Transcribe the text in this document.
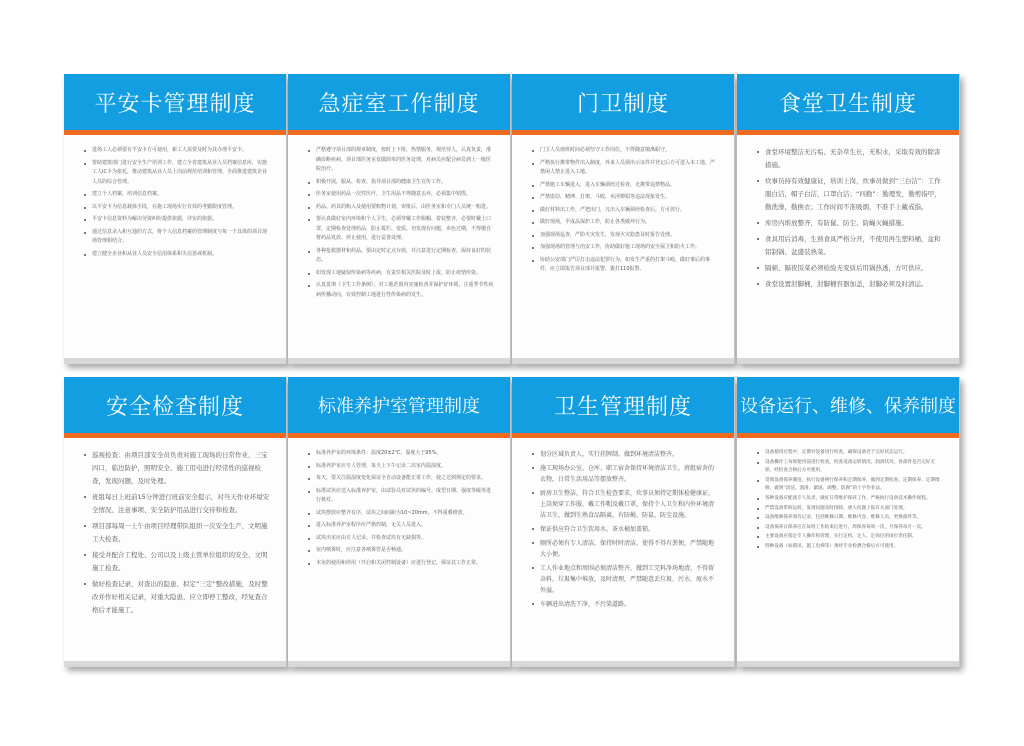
平安卡管理制度
进场工人必须要有平安卡方可使用，新工人需要及时为其办理平安卡。
帮助建筑部门进行安全生产培训工作，建立全省建筑从业人员档案信息库，实施工人IC卡为依托，推动建筑从业人员上岗前规范培训和管理，全面推进建筑企业人员的综合管理。
建立个人档案，培训信息档案。
以平安卡为信息载体手段，在施工现场实行有效的考勤限度管理。
平安卡信息资料为解决劳资纠纷提供依据，详实的依据。
通过信息录入和互通的方式，将个人信息档案的管理制度与每一个具体的项目现场管理相结合。
建立健全企业和从业人员安全信用体系和失信惩戒机制。
急症室工作制度
严格遵守项目部的规章制度，按时上下班，热情服务，规范待人，认真负责，准确诊断疾病，项目部医务室仅做简单的医务处理，对病员应配合病员到上一级医院治疗。
积极开展，服从、检查、指导项目部的健康卫生宣传工作。
医务室使用药品一次性医疗，卫生用品不得随意丢弃，必须集中销毁。
药品、药具的购入及使用要购物计划，审批后，由医务室和专门人员统一购进。
要认真做好室内环境和个人卫生，必须穿戴工作服帽、着装整齐，必要时戴上口罩，定期检查处理药品，防止霉烂、变质，勿发现有问题，卖色过期，不得擅自将药品发放、停止使用，进行妥善处理。
各种抢救器材和药品，要由定时定点存放，并注意进行定期检查，保持良好的状态。
如发现工地疑似传染病等疾病，有责任相关医院及时上报，防止疫情传染。
认真贯彻《卫生工作条例》，对工地范围内实施检查并保护好环境，注重季节性疾病传播动向，有效控制工地进行性传染病的发生。
门卫制度
门卫人员值班时间必须坚守工作岗位，不得随意擅离职守。
严格执行携带物件出入制度，外来人员须出示证件并登记后方可进入本工地，严禁闲人禁止进入工地。
严禁施工车辆进入，进入车辆须经过检查，无携带违禁物品。
严禁盗窃、赌博、打架、斗殴、卖淫嫖娼等违法现象发生。
做好材料出工作，严把出门，凡出入车辆须经检查后，方可放行。
做好现场，半成品保护工作，防止各类破坏行为。
加强现场巡查，严防火灾发生，发现火灾隐患及时报告处理。
加强现场的管理与治安工作，协助做好施工现场的安全保卫和防火工作。
协助公安部门严厉打击违法犯罪行为，如发生严重的打架斗殴，做好事后的事件，应立即报告项目部并报警，拨打110报警。
食堂卫生制度
食堂环境整洁无污垢、无杂草生长，无积水，采取有效的除害措施。
炊事员持有效健康证，培训上岗，炊事员做到“三白洁”：工作服白洁，帽子白洁，口罩白洁；“四勤”：勤理发，勤剪指甲，勤洗澡，勤换衣；工作时间不准吸烟，不准手上戴戒指。
库房内堆放整齐，有防鼠、防尘、防蝇灭蝇措施。
食具用后消毒，生熟食具严格分开，不使用再生塑料桶，盆和铝制锅、盆盛装熟菜。
隔顿、隔夜饭菜必须检验无变质后用锅热透，方可供应。
食堂设置泔脚桶，泔脚桶容器加盖，泔脚必须及时清运。
安全检查制度
巡视检查：由项目部安全员负责对施工现场的日常作业，三宝四口，临边防护，照明安全、施工用电进行经常性的巡视检查，发现问题，及时处理。
班组每日上班前15分钟进行班前安全提示，对当天作业环境安全情况、注意事项、安全防护用品进行交待和检查。
项目部每周一上午由项目经理带队组织一次安全生产、文明施工大检查。
接受并配合工程处、公司以及上级主管单位组织的安全、文明施工检查。
做好检查记录，对查出的隐患、拟定“三定”整改措施，及时整改并作好相关记录，对重大隐患，应立即停工整改，经复查合格后才能施工。
标准养护室管理制度
标准养护室的环境条件：温度20±2℃，湿度大于95%。
标准养护室应专人管理，每天上下午记录二次室内温湿度。
每天，要关注温湿度变化保证全自动设备能正常工作，使之达到规定的要求。
标准试块应送入标准养护室，由试验员对试块的编号、成型日期、强度等级等进行核对。
试块摆放应整齐有序，试块之间间距为10~20mm，不得重叠堆放。
进入标准养护室程序应严格控制，无关人员进入。
试块出室应由专人记录，并检查试块有无缺损等。
室内喷雾时，应注意各喷雾管是否畅通。
本室的使用和停用（开启和关闭控制设备）应进行登记，保证其工作正常。
卫生管理制度
划分区域负责人，实行挂牌制，做到环境清洁整齐。
施工现场办公室、仓库、职工宿舍保持环境清洁卫生，班组宿舍的衣物，日常生活用品等摆放整齐。
厨房卫生整洁，符合卫生检查要求，炊事员须持定期体检健康证，上岗须穿工作服、戴工作帽及戴口罩，保持个人卫生和内外环境清洁卫生，做到生熟食品隔离，有防蝇、防鼠、防尘设施。
保证供应符合卫生饮用水，茶水桶加盖锁。
厕所必须有专人清洁，保持时时清洁，使得不得有粪便，严禁随地大小便。
工人作业地点和周围必须清洁整齐，做到工完料净场地清，不得留杂料，垃圾集中堆放，及时清理，严禁随意丢垃圾、污水，废水不外溢。
车辆进出清洗干净，不污染道路。
设备运行、维修、保养制度
设备使用过程中，定期对设备进行检查，确保设备处于完好状态运行。
设备操作工每班使用前进行检查，检查设备运转情况，润滑状况，各部件是否完好无损，经检查合格后方可使用。
贯彻设备保养制度，执行设备例行保养和定期保养，做到定期检查、定期保养、定期维修，做到“清洁、润滑、紧固、调整、防腐”的十字作业法。
各种设备应配备专人负责，做好日常维护保养工作，严格执行设备技术操作规程。
严禁设备带病运转，发现问题及时排除，重大问题上报有关部门处理。
设备维修保养须有记录，包括维修日期、维修内容、维修人员、更换部件等。
设备保养日保养应在每班工作结束后进行，周保养每周一次，月保养每月一次。
主要设备应指定专人操作和管理，实行定机、定人、定岗位的岗位责任制。
特种设备（如塔吊、施工电梯等）须经专业检测合格后方可使用。
